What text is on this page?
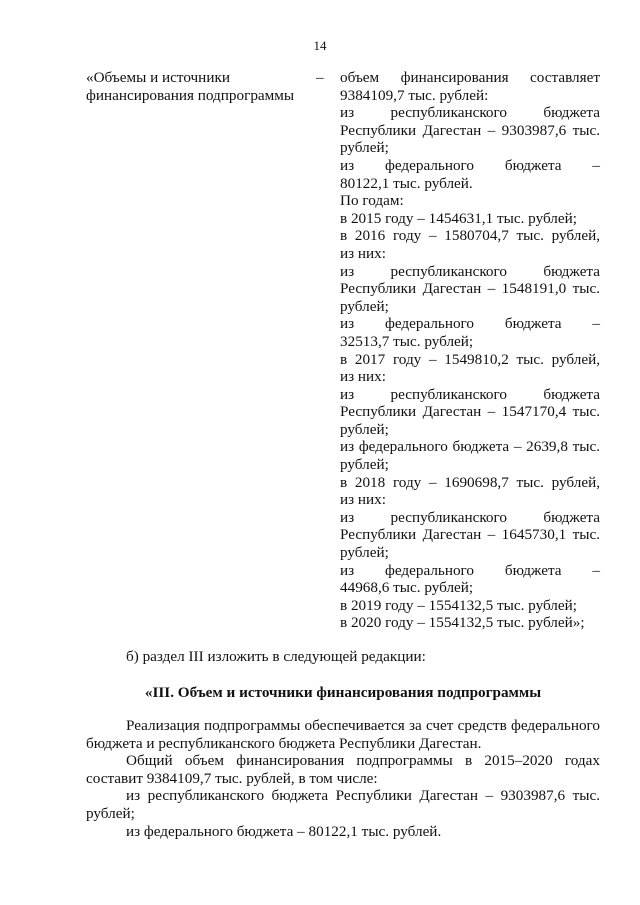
14
«Объемы и источники финансирования подпрограммы
– объем финансирования составляет

9384109,7 тыс. рублей:

из республиканского бюджета

Республики Дагестан – 9303987,6 тыс.

рублей;

из федерального бюджета –

80122,1 тыс. рублей.

По годам:

в 2015 году – 1454631,1 тыс. рублей;

в 2016 году – 1580704,7 тыс. рублей,

из них:

из республиканского бюджета

Республики Дагестан – 1548191,0 тыс.

рублей;

из федерального бюджета –

32513,7 тыс. рублей;

в 2017 году – 1549810,2 тыс. рублей,

из них:

из республиканского бюджета

Республики Дагестан – 1547170,4 тыс.

рублей;

из федерального бюджета – 2639,8 тыс.

рублей;

в 2018 году – 1690698,7 тыс. рублей,

из них:

из республиканского бюджета

Республики Дагестан – 1645730,1 тыс.

рублей;

из федерального бюджета –

44968,6 тыс. рублей;

в 2019 году – 1554132,5 тыс. рублей;

в 2020 году – 1554132,5 тыс. рублей»;

б) раздел III изложить в следующей редакции:

«III. Объем и источники финансирования подпрограммы

Реализация подпрограммы обеспечивается за счет средств федерального бюджета и республиканского бюджета Республики Дагестан.

Общий объем финансирования подпрограммы в 2015–2020 годах составит 9384109,7 тыс. рублей, в том числе:

из республиканского бюджета Республики Дагестан – 9303987,6 тыс. рублей;

из федерального бюджета – 80122,1 тыс. рублей.
